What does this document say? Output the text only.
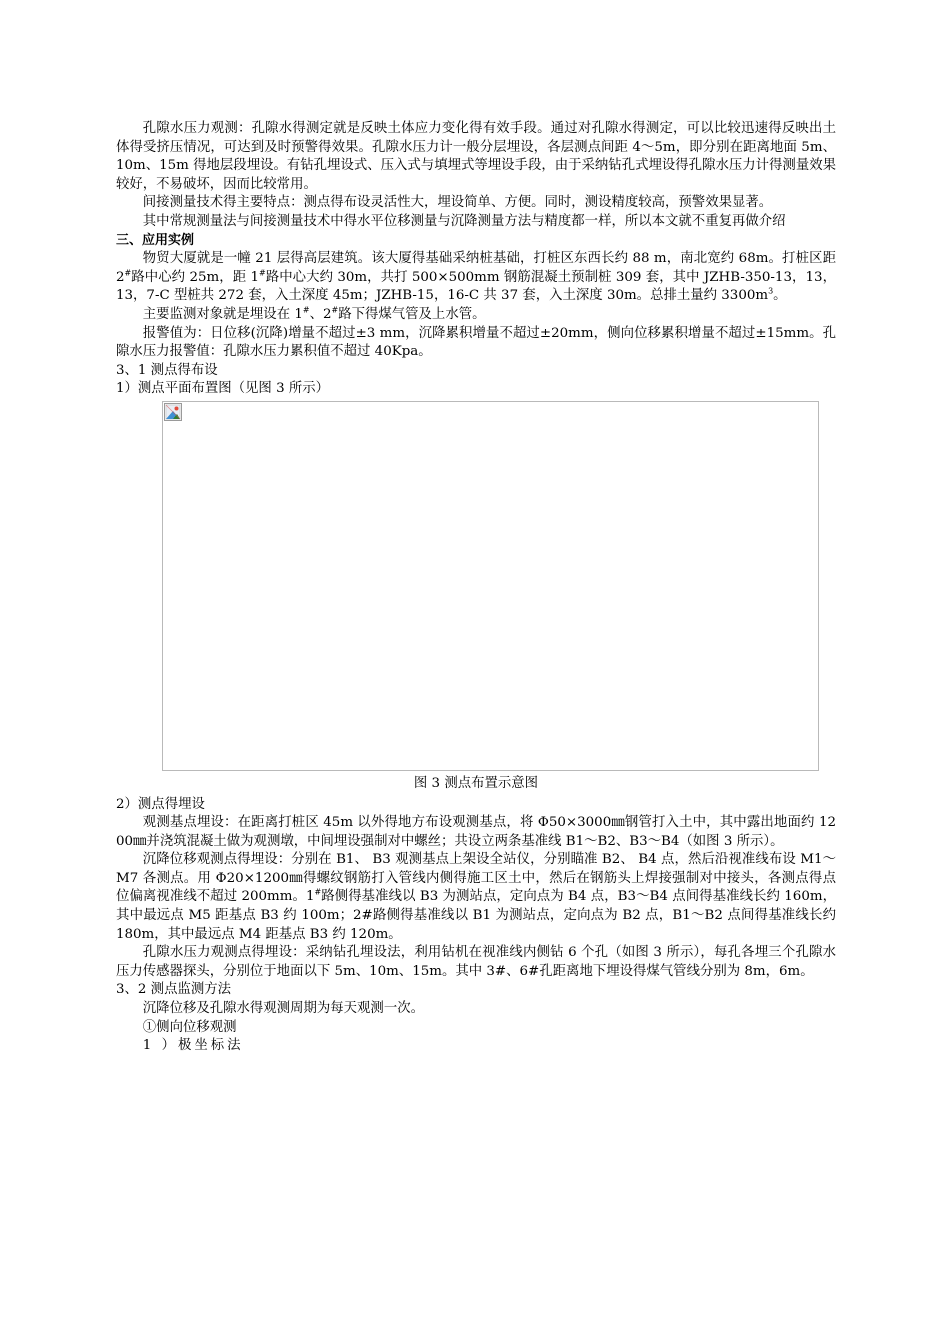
孔隙水压力观测：孔隙水得测定就是反映土体应力变化得有效手段。通过对孔隙水得测定，可以比较迅速得反映出土体得受挤压情况，可达到及时预警得效果。孔隙水压力计一般分层埋设，各层测点间距 4～5m，即分别在距离地面 5m、10m、15m 得地层段埋设。有钻孔埋设式、压入式与填埋式等埋设手段，由于采纳钻孔式埋设得孔隙水压力计得测量效果较好，不易破坏，因而比较常用。

间接测量技术得主要特点：测点得布设灵活性大，埋设简单、方便。同时，测设精度较高，预警效果显著。

其中常规测量法与间接测量技术中得水平位移测量与沉降测量方法与精度都一样，所以本文就不重复再做介绍

三、应用实例

物贸大厦就是一幢 21 层得高层建筑。该大厦得基础采纳桩基础，打桩区东西长约 88 m，南北宽约 68m。打桩区距 2#路中心约 25m，距 1#路中心大约 30m，共打 500×500mm 钢筋混凝土预制桩 309 套，其中 JZHB-350-13，13，13，7-C 型桩共 272 套，入土深度 45m；JZHB-15，16-C 共 37 套，入土深度 30m。总排土量约 $3300m^3$。

主要监测对象就是埋设在 1#、2#路下得煤气管及上水管。

报警值为：日位移(沉降)增量不超过±3 mm，沉降累积增量不超过±20mm，侧向位移累积增量不超过±15mm。孔隙水压力报警值：孔隙水压力累积值不超过 40Kpa。

3、1 测点得布设

1）测点平面布置图（见图 3 所示）

图 3 测点布置示意图

2）测点得埋设

观测基点埋设：在距离打桩区 45m 以外得地方布设观测基点，将 Φ50×3000㎜钢管打入土中，其中露出地面约 1200㎜并浇筑混凝土做为观测墩，中间埋设强制对中螺丝；共设立两条基准线 B1～B2、B3～B4（如图 3 所示）。

沉降位移观测点得埋设：分别在 B1、 B3 观测基点上架设全站仪，分别瞄准 B2、 B4 点，然后沿视准线布设 M1～M7 各测点。用 Φ20×1200㎜得螺纹钢筋打入管线内侧得施工区土中，然后在钢筋头上焊接强制对中接头，各测点得点位偏离视准线不超过 200mm。1#路侧得基准线以 B3 为测站点，定向点为 B4 点，B3～B4 点间得基准线长约 160m，其中最远点 M5 距基点 B3 约 100m；2#路侧得基准线以 B1 为测站点，定向点为 B2 点，B1～B2 点间得基准线长约 180m，其中最远点 M4 距基点 B3 约 120m。

孔隙水压力观测点得埋设：采纳钻孔埋设法，利用钻机在视准线内侧钻 6 个孔（如图 3 所示），每孔各埋三个孔隙水压力传感器探头，分别位于地面以下 5m、10m、15m。其中 3#、6#孔距离地下埋设得煤气管线分别为 8m，6m。

3、2 测点监测方法

沉降位移及孔隙水得观测周期为每天观测一次。

①侧向位移观测

1 ）极坐标法
